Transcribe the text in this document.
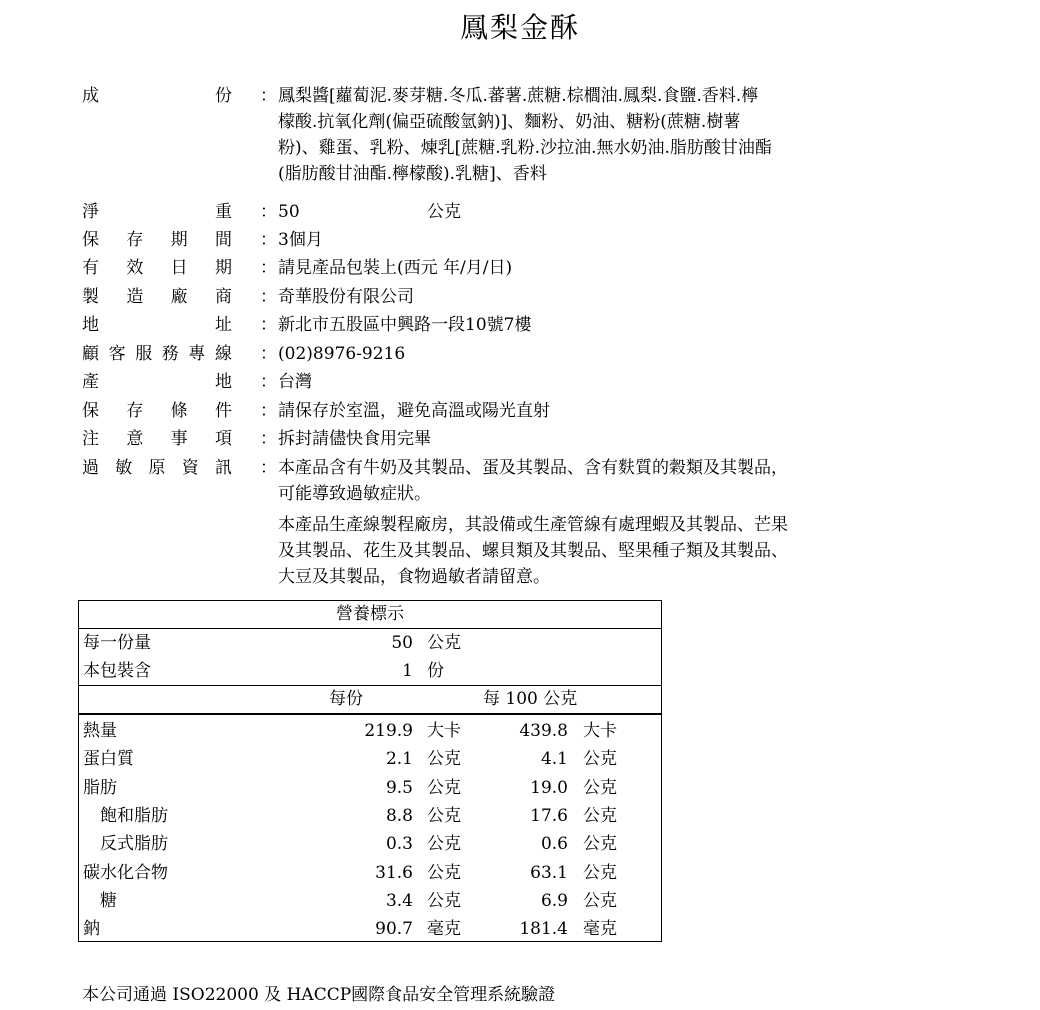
鳳梨金酥
成份 ： 鳳梨醬[蘿蔔泥.麥芽糖.冬瓜.蕃薯.蔗糖.棕櫚油.鳳梨.食鹽.香料.檸
檬酸.抗氧化劑(偏亞硫酸氫鈉)]、麵粉、奶油、糖粉(蔗糖.樹薯
粉)、雞蛋、乳粉、煉乳[蔗糖.乳粉.沙拉油.無水奶油.脂肪酸甘油酯
(脂肪酸甘油酯.檸檬酸).乳糖]、香料
淨重 ： 50	公克
保存期間 ： 3個月
有效日期 ： 請見產品包裝上(西元 年/月/日)
製造廠商 ： 奇華股份有限公司
地址 ： 新北市五股區中興路一段10號7樓
顧客服務專線 ： (02)8976-9216
產地 ： 台灣
保存條件 ： 請保存於室溫，避免高溫或陽光直射
注意事項 ： 拆封請儘快食用完畢
過敏原資訊 ： 本產品含有牛奶及其製品、蛋及其製品、含有麩質的穀類及其製品，
可能導致過敏症狀。
本產品生產線製程廠房，其設備或生產管線有處理蝦及其製品、芒果
及其製品、花生及其製品、螺貝類及其製品、堅果種子類及其製品、
大豆及其製品，食物過敏者請留意。
營養標示
每一份量	50 公克
本包裝含	1 份
每份	每 100 公克
熱量	219.9 大卡	439.8 大卡
蛋白質	2.1 公克	4.1 公克
脂肪	9.5 公克	19.0 公克
　飽和脂肪	8.8 公克	17.6 公克
　反式脂肪	0.3 公克	0.6 公克
碳水化合物	31.6 公克	63.1 公克
　糖	3.4 公克	6.9 公克
鈉	90.7 毫克	181.4 毫克
本公司通過 ISO22000 及 HACCP國際食品安全管理系統驗證
